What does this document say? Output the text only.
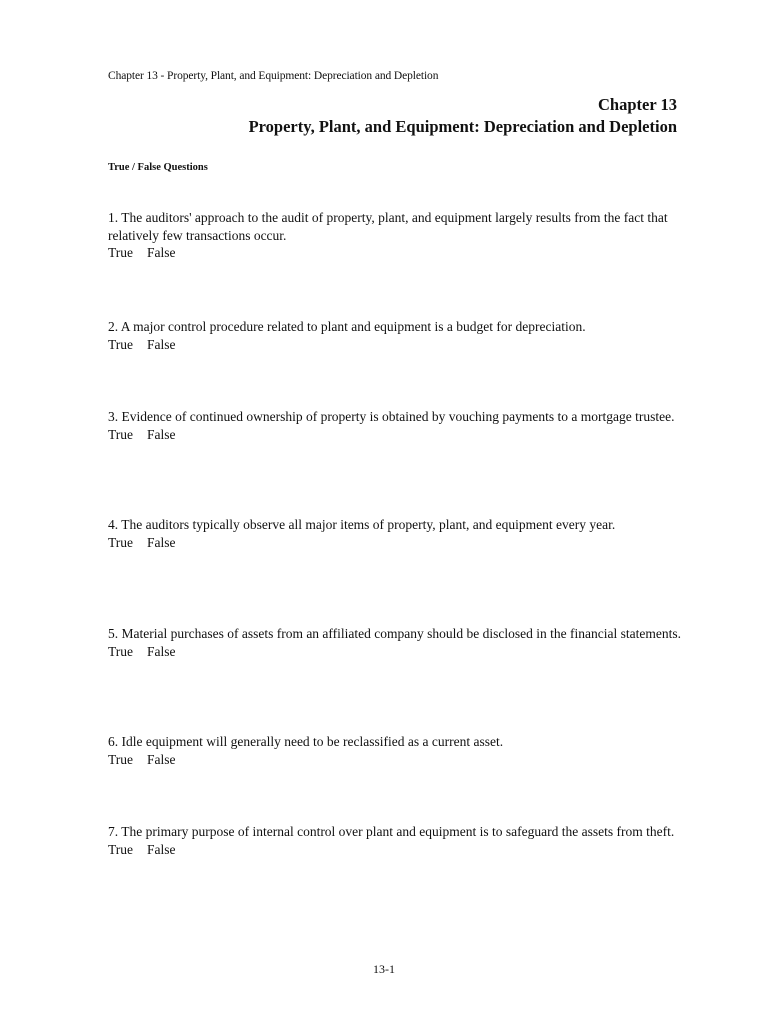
Chapter 13 - Property, Plant, and Equipment: Depreciation and Depletion
Chapter 13
Property, Plant, and Equipment: Depreciation and Depletion
True / False Questions
1. The auditors' approach to the audit of property, plant, and equipment largely results from the fact that relatively few transactions occur.
True False
2. A major control procedure related to plant and equipment is a budget for depreciation.
True False
3. Evidence of continued ownership of property is obtained by vouching payments to a mortgage trustee.
True False
4. The auditors typically observe all major items of property, plant, and equipment every year.
True False
5. Material purchases of assets from an affiliated company should be disclosed in the financial statements.
True False
6. Idle equipment will generally need to be reclassified as a current asset.
True False
7. The primary purpose of internal control over plant and equipment is to safeguard the assets from theft.
True False
13-1
